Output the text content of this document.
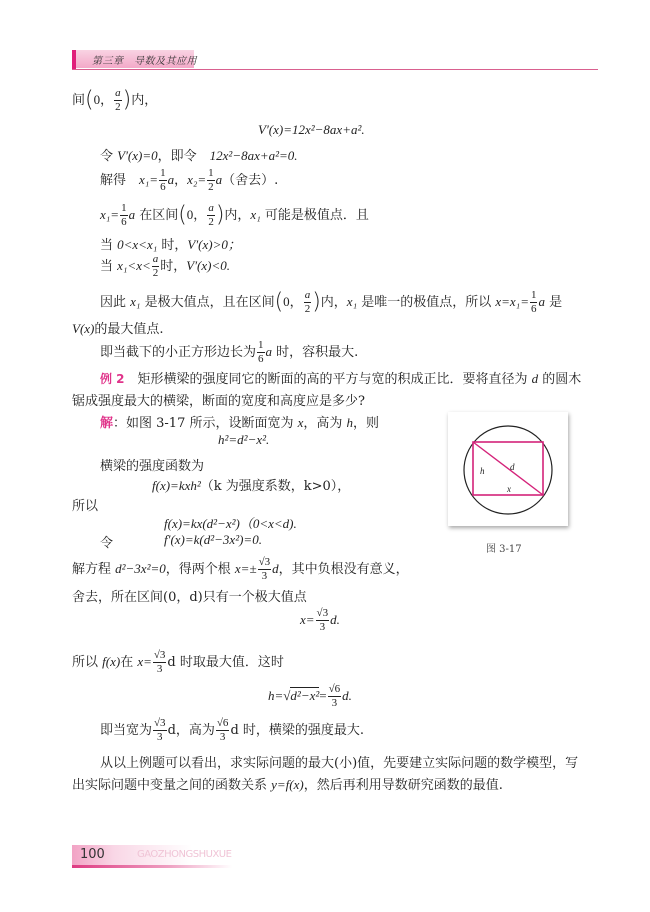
第三章　 导数及其应用
间(0， $\frac{a}{2}$ )内，
V′(x)=12x²−8ax+a².
令 V′(x)=0，即令　12x²−8ax+a²=0.
解得　$x_1= \frac{1}{6}$ a，$x_2= \frac{1}{2} a$（舍去）.
$x_1= \frac{1}{6}$ a 在区间(0， $\frac{a}{2}$ )内，x₁ 可能是极值点．且
当 0<x<x₁ 时，V′(x)>0；
当 $x_1<x< \frac{a}{2}$ 时，V′(x)<0.
因此 x₁ 是极大值点，且在区间(0， $\frac{a}{2}$ )内，x₁ 是唯一的极值点，所以 $x=x_1= \frac{1}{6}$ a 是
V(x)的最大值点.
即当截下的小正方形边长为 $\frac{1}{6}$ a 时，容积最大.
例 2　矩形横梁的强度同它的断面的高的平方与宽的积成正比．要将直径为 d 的圆木
锯成强度最大的横梁，断面的宽度和高度应是多少?
解：如图 3-17 所示，设断面宽为 x，高为 h，则
h²=d²−x².
横梁的强度函数为
f(x)=kxh²（k 为强度系数，k>0），
所以
f(x)=kx(d²−x²)（0<x<d).
令	f′(x)=k(d²−3x²)=0.
解方程 d²−3x²=0，得两个根 $x=\pm \frac{√3}{3}$ d，其中负根没有意义，
舍去，所在区间(0，d)只有一个极大值点
$x= \frac{√3}{3} d$.
所以 f(x)在 $x= \frac{√3}{3}$ d 时取最大值．这时
$h=√d^2-x^2= \frac{√6}{3} d$.
即当宽为 $\frac{√3}{3}$ d，高为 $\frac{√6}{3}$ d 时，横梁的强度最大.
从以上例题可以看出，求实际问题的最大(小)值，先要建立实际问题的数学模型，写
出实际问题中变量之间的函数关系 y=f(x)，然后再利用导数研究函数的最值.
h	d
x
图 3-17
100	GAOZHONGSHUXUE
